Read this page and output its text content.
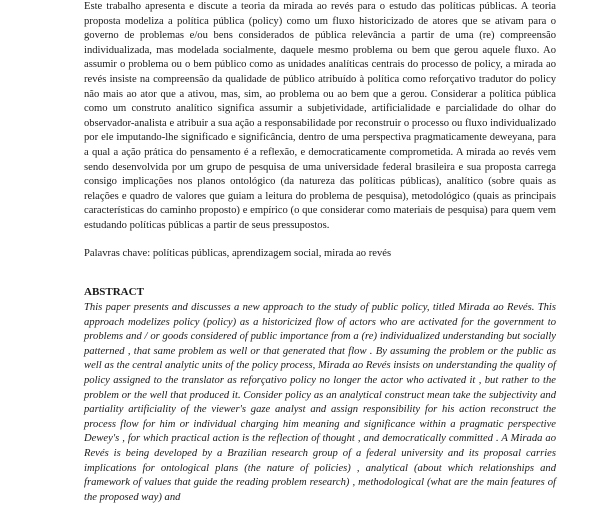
Este trabalho apresenta e discute a teoria da mirada ao revés para o estudo das políticas públicas. A teoria proposta modeliza a política pública (policy) como um fluxo historicizado de atores que se ativam para o governo de problemas e/ou bens considerados de pública relevância a partir de uma (re) compreensão individualizada, mas modelada socialmente, daquele mesmo problema ou bem que gerou aquele fluxo. Ao assumir o problema ou o bem público como as unidades analíticas centrais do processo de policy, a mirada ao revés insiste na compreensão da qualidade de público atribuído à política como reforçativo tradutor do policy não mais ao ator que a ativou, mas, sim, ao problema ou ao bem que a gerou. Considerar a política pública como um construto analítico significa assumir a subjetividade, artificialidade e parcialidade do olhar do observador-analista e atribuir a sua ação a responsabilidade por reconstruir o processo ou fluxo individualizado por ele imputando-lhe significado e significância, dentro de uma perspectiva pragmaticamente deweyana, para a qual a ação prática do pensamento é a reflexão, e democraticamente comprometida. A mirada ao revés vem sendo desenvolvida por um grupo de pesquisa de uma universidade federal brasileira e sua proposta carrega consigo implicações nos planos ontológico (da natureza das políticas públicas), analítico (sobre quais as relações e quadro de valores que guiam a leitura do problema de pesquisa), metodológico (quais as principais características do caminho proposto) e empírico (o que considerar como materiais de pesquisa) para quem vem estudando políticas públicas a partir de seus pressupostos.

Palavras chave: políticas públicas, aprendizagem social, mirada ao revés

ABSTRACT

This paper presents and discusses a new approach to the study of public policy, titled Mirada ao Revés. This approach modelizes policy (policy) as a historicized flow of actors who are activated for the government to problems and / or goods considered of public importance from a (re) individualized understanding but socially patterned , that same problem as well or that generated that flow . By assuming the problem or the public as well as the central analytic units of the policy process, Mirada ao Revés insists on understanding the quality of policy assigned to the translator as reforçativo policy no longer the actor who activated it , but rather to the problem or the well that produced it. Consider policy as an analytical construct mean take the subjectivity and partiality artificiality of the viewer's gaze analyst and assign responsibility for his action reconstruct the process flow for him or individual charging him meaning and significance within a pragmatic perspective Dewey's , for which practical action is the reflection of thought , and democratically committed . A Mirada ao Revés is being developed by a Brazilian research group of a federal university and its proposal carries implications for ontological plans (the nature of policies) , analytical (about which relationships and framework of values that guide the reading problem research) , methodological (what are the main features of the proposed way) and
